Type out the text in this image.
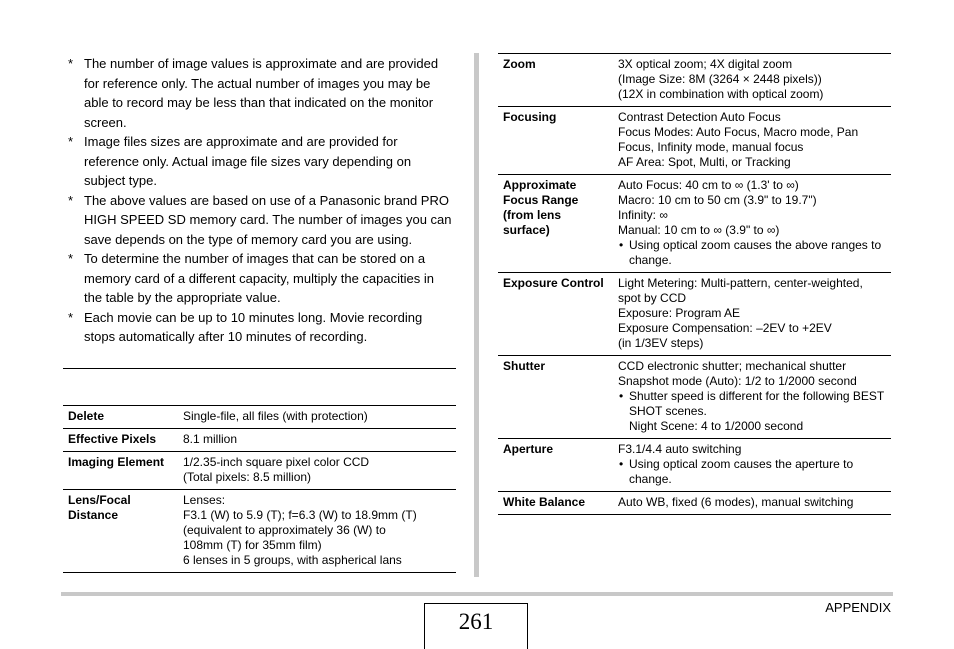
* The number of image values is approximate and are provided for reference only. The actual number of images you may be able to record may be less than that indicated on the monitor screen.

* Image files sizes are approximate and are provided for reference only. Actual image file sizes vary depending on subject type.

* The above values are based on use of a Panasonic brand PRO HIGH SPEED SD memory card. The number of images you can save depends on the type of memory card you are using.

* To determine the number of images that can be stored on a memory card of a different capacity, multiply the capacities in the table by the appropriate value.

* Each movie can be up to 10 minutes long. Movie recording stops automatically after 10 minutes of recording.

Delete	Single-file, all files (with protection)

Effective Pixels	8.1 million

Imaging Element	1/2.35-inch square pixel color CCD
(Total pixels: 8.5 million)

Lens/Focal Distance	Lenses:
F3.1 (W) to 5.9 (T); f=6.3 (W) to 18.9mm (T)
(equivalent to approximately 36 (W) to
108mm (T) for 35mm film)
6 lenses in 5 groups, with aspherical lans
Zoom	3X optical zoom; 4X digital zoom
(Image Size: 8M (3264 × 2448 pixels))
(12X in combination with optical zoom)

Focusing	Contrast Detection Auto Focus
Focus Modes: Auto Focus, Macro mode, Pan Focus, Infinity mode, manual focus
AF Area: Spot, Multi, or Tracking

Approximate Focus Range (from lens surface)	Auto Focus: 40 cm to ∞ (1.3' to ∞)
Macro: 10 cm to 50 cm (3.9" to 19.7")
Infinity: ∞
Manual: 10 cm to ∞ (3.9" to ∞)
• Using optical zoom causes the above ranges to change.

Exposure Control	Light Metering: Multi-pattern, center-weighted, spot by CCD
Exposure: Program AE
Exposure Compensation: –2EV to +2EV
(in 1/3EV steps)

Shutter	CCD electronic shutter; mechanical shutter
Snapshot mode (Auto): 1/2 to 1/2000 second
• Shutter speed is different for the following BEST SHOT scenes.
Night Scene: 4 to 1/2000 second

Aperture	F3.1/4.4 auto switching
• Using optical zoom causes the aperture to change.

White Balance	Auto WB, fixed (6 modes), manual switching
APPENDIX
261
